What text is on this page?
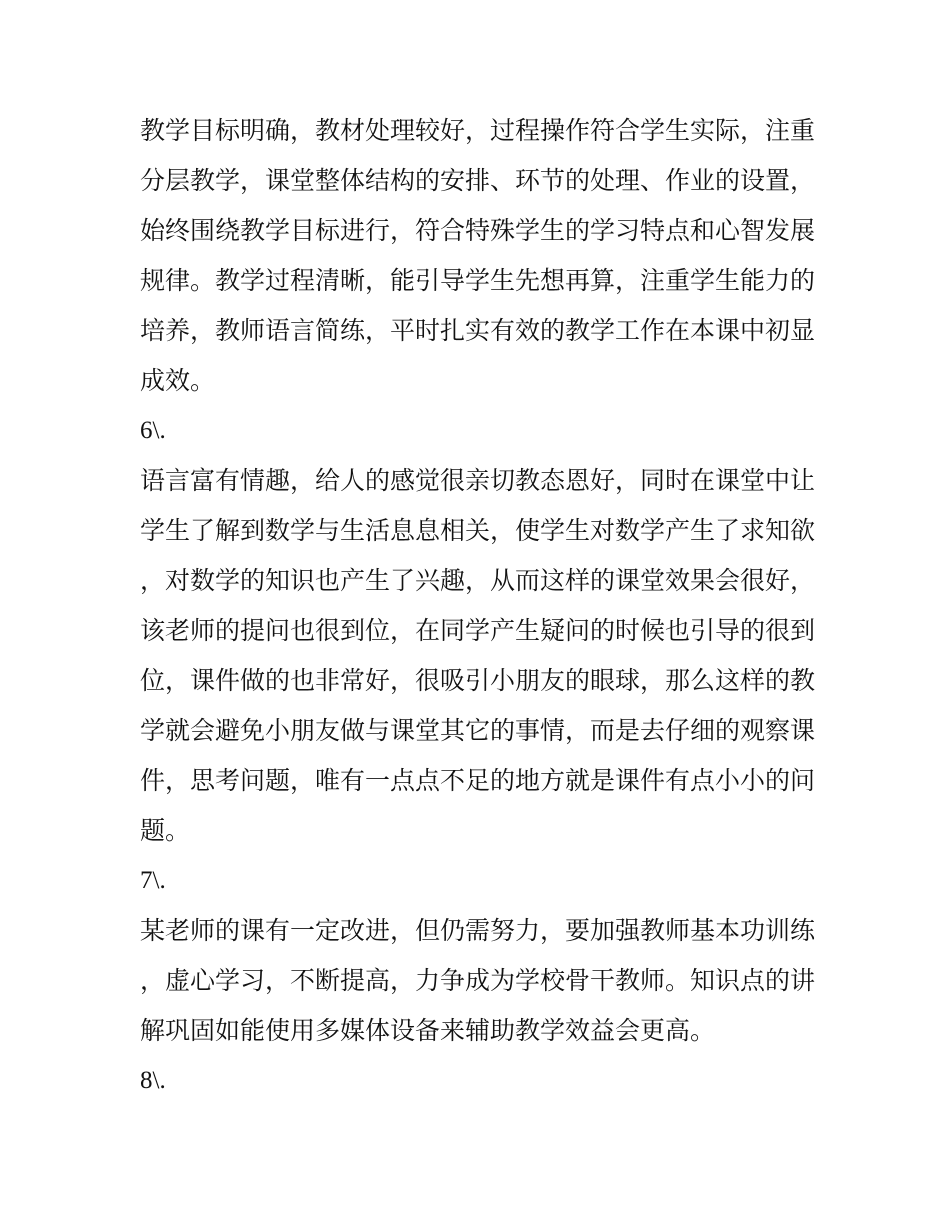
教学目标明确，教材处理较好，过程操作符合学生实际，注重分层教学，课堂整体结构的安排、环节的处理、作业的设置，始终围绕教学目标进行，符合特殊学生的学习特点和心智发展规律。教学过程清晰，能引导学生先想再算，注重学生能力的培养，教师语言简练，平时扎实有效的教学工作在本课中初显成效。

6\.

语言富有情趣，给人的感觉很亲切教态恩好，同时在课堂中让学生了解到数学与生活息息相关，使学生对数学产生了求知欲，对数学的知识也产生了兴趣，从而这样的课堂效果会很好，该老师的提问也很到位，在同学产生疑问的时候也引导的很到位，课件做的也非常好，很吸引小朋友的眼球，那么这样的教学就会避免小朋友做与课堂其它的事情，而是去仔细的观察课件，思考问题，唯有一点点不足的地方就是课件有点小小的问题。

7\.

某老师的课有一定改进，但仍需努力，要加强教师基本功训练，虚心学习，不断提高，力争成为学校骨干教师。知识点的讲解巩固如能使用多媒体设备来辅助教学效益会更高。

8\.
